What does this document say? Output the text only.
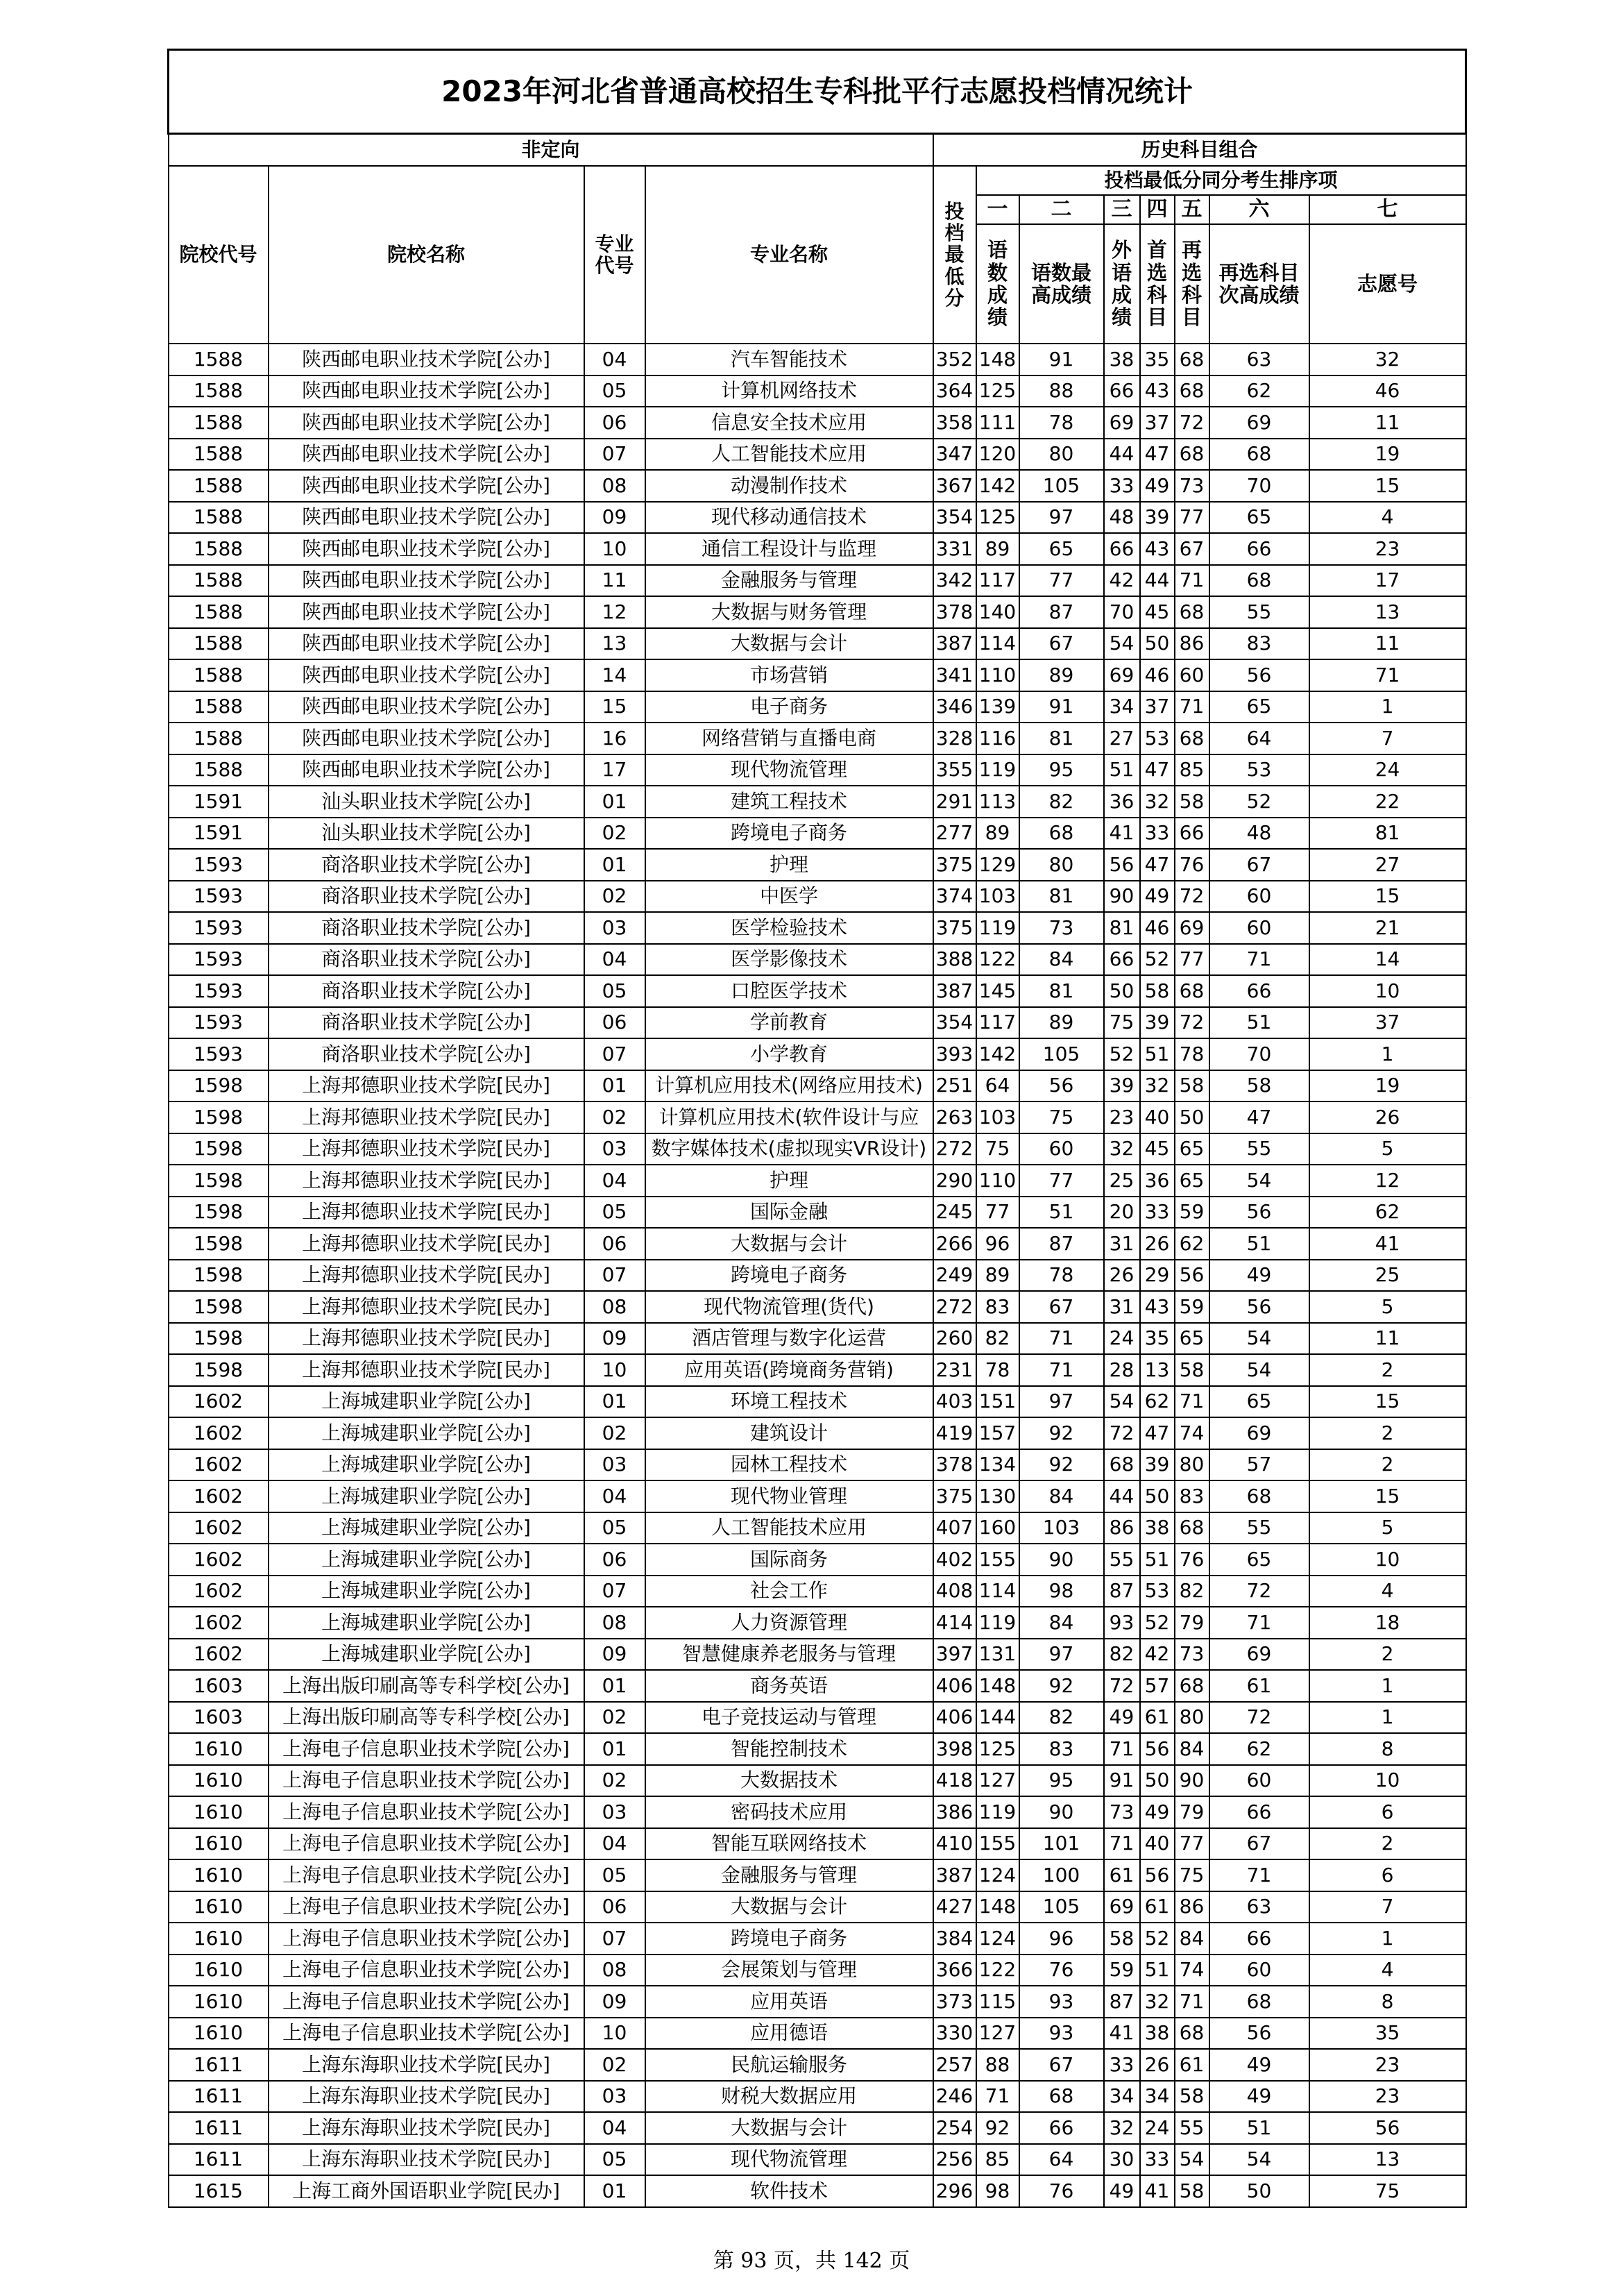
2023年河北省普通高校招生专科批平行志愿投档情况统计											
非定向				历史科目组合							
院校代号	院校名称	专业代号	专业名称	投档最低分	投档最低分同分考生排序项						
					一	二	三	四	五	六	七
					语数成绩	语数最高成绩	外语成绩	首选科目	再选科目	再选科目次高成绩	志愿号
1588	陕西邮电职业技术学院[公办]	04	汽车智能技术	352	148	91	38	35	68	63	32
1588	陕西邮电职业技术学院[公办]	05	计算机网络技术	364	125	88	66	43	68	62	46
1588	陕西邮电职业技术学院[公办]	06	信息安全技术应用	358	111	78	69	37	72	69	11
1588	陕西邮电职业技术学院[公办]	07	人工智能技术应用	347	120	80	44	47	68	68	19
1588	陕西邮电职业技术学院[公办]	08	动漫制作技术	367	142	105	33	49	73	70	15
1588	陕西邮电职业技术学院[公办]	09	现代移动通信技术	354	125	97	48	39	77	65	4
1588	陕西邮电职业技术学院[公办]	10	通信工程设计与监理	331	89	65	66	43	67	66	23
1588	陕西邮电职业技术学院[公办]	11	金融服务与管理	342	117	77	42	44	71	68	17
1588	陕西邮电职业技术学院[公办]	12	大数据与财务管理	378	140	87	70	45	68	55	13
1588	陕西邮电职业技术学院[公办]	13	大数据与会计	387	114	67	54	50	86	83	11
1588	陕西邮电职业技术学院[公办]	14	市场营销	341	110	89	69	46	60	56	71
1588	陕西邮电职业技术学院[公办]	15	电子商务	346	139	91	34	37	71	65	1
1588	陕西邮电职业技术学院[公办]	16	网络营销与直播电商	328	116	81	27	53	68	64	7
1588	陕西邮电职业技术学院[公办]	17	现代物流管理	355	119	95	51	47	85	53	24
1591	汕头职业技术学院[公办]	01	建筑工程技术	291	113	82	36	32	58	52	22
1591	汕头职业技术学院[公办]	02	跨境电子商务	277	89	68	41	33	66	48	81
1593	商洛职业技术学院[公办]	01	护理	375	129	80	56	47	76	67	27
1593	商洛职业技术学院[公办]	02	中医学	374	103	81	90	49	72	60	15
1593	商洛职业技术学院[公办]	03	医学检验技术	375	119	73	81	46	69	60	21
1593	商洛职业技术学院[公办]	04	医学影像技术	388	122	84	66	52	77	71	14
1593	商洛职业技术学院[公办]	05	口腔医学技术	387	145	81	50	58	68	66	10
1593	商洛职业技术学院[公办]	06	学前教育	354	117	89	75	39	72	51	37
1593	商洛职业技术学院[公办]	07	小学教育	393	142	105	52	51	78	70	1
1598	上海邦德职业技术学院[民办]	01	计算机应用技术(网络应用技术)	251	64	56	39	32	58	58	19
1598	上海邦德职业技术学院[民办]	02	计算机应用技术(软件设计与应	263	103	75	23	40	50	47	26
1598	上海邦德职业技术学院[民办]	03	数字媒体技术(虚拟现实VR设计)	272	75	60	32	45	65	55	5
1598	上海邦德职业技术学院[民办]	04	护理	290	110	77	25	36	65	54	12
1598	上海邦德职业技术学院[民办]	05	国际金融	245	77	51	20	33	59	56	62
1598	上海邦德职业技术学院[民办]	06	大数据与会计	266	96	87	31	26	62	51	41
1598	上海邦德职业技术学院[民办]	07	跨境电子商务	249	89	78	26	29	56	49	25
1598	上海邦德职业技术学院[民办]	08	现代物流管理(货代)	272	83	67	31	43	59	56	5
1598	上海邦德职业技术学院[民办]	09	酒店管理与数字化运营	260	82	71	24	35	65	54	11
1598	上海邦德职业技术学院[民办]	10	应用英语(跨境商务营销)	231	78	71	28	13	58	54	2
1602	上海城建职业学院[公办]	01	环境工程技术	403	151	97	54	62	71	65	15
1602	上海城建职业学院[公办]	02	建筑设计	419	157	92	72	47	74	69	2
1602	上海城建职业学院[公办]	03	园林工程技术	378	134	92	68	39	80	57	2
1602	上海城建职业学院[公办]	04	现代物业管理	375	130	84	44	50	83	68	15
1602	上海城建职业学院[公办]	05	人工智能技术应用	407	160	103	86	38	68	55	5
1602	上海城建职业学院[公办]	06	国际商务	402	155	90	55	51	76	65	10
1602	上海城建职业学院[公办]	07	社会工作	408	114	98	87	53	82	72	4
1602	上海城建职业学院[公办]	08	人力资源管理	414	119	84	93	52	79	71	18
1602	上海城建职业学院[公办]	09	智慧健康养老服务与管理	397	131	97	82	42	73	69	2
1603	上海出版印刷高等专科学校[公办]	01	商务英语	406	148	92	72	57	68	61	1
1603	上海出版印刷高等专科学校[公办]	02	电子竞技运动与管理	406	144	82	49	61	80	72	1
1610	上海电子信息职业技术学院[公办]	01	智能控制技术	398	125	83	71	56	84	62	8
1610	上海电子信息职业技术学院[公办]	02	大数据技术	418	127	95	91	50	90	60	10
1610	上海电子信息职业技术学院[公办]	03	密码技术应用	386	119	90	73	49	79	66	6
1610	上海电子信息职业技术学院[公办]	04	智能互联网络技术	410	155	101	71	40	77	67	2
1610	上海电子信息职业技术学院[公办]	05	金融服务与管理	387	124	100	61	56	75	71	6
1610	上海电子信息职业技术学院[公办]	06	大数据与会计	427	148	105	69	61	86	63	7
1610	上海电子信息职业技术学院[公办]	07	跨境电子商务	384	124	96	58	52	84	66	1
1610	上海电子信息职业技术学院[公办]	08	会展策划与管理	366	122	76	59	51	74	60	4
1610	上海电子信息职业技术学院[公办]	09	应用英语	373	115	93	87	32	71	68	8
1610	上海电子信息职业技术学院[公办]	10	应用德语	330	127	93	41	38	68	56	35
1611	上海东海职业技术学院[民办]	02	民航运输服务	257	88	67	33	26	61	49	23
1611	上海东海职业技术学院[民办]	03	财税大数据应用	246	71	68	34	34	58	49	23
1611	上海东海职业技术学院[民办]	04	大数据与会计	254	92	66	32	24	55	51	56
1611	上海东海职业技术学院[民办]	05	现代物流管理	256	85	64	30	33	54	54	13
1615	上海工商外国语职业学院[民办]	01	软件技术	296	98	76	49	41	58	50	75
第 93 页，共 142 页
